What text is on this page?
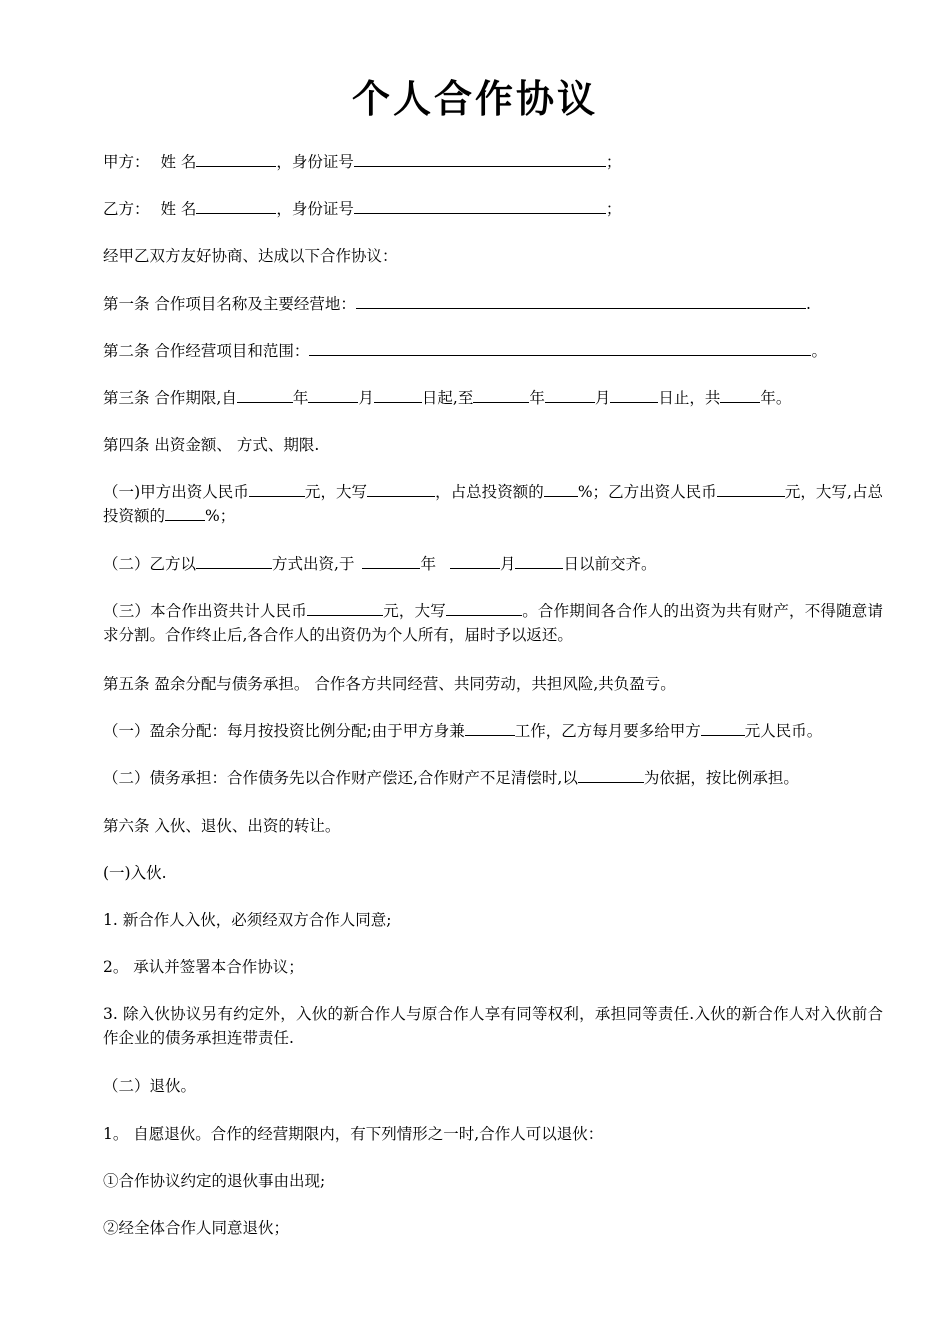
个人合作协议
甲方： 姓 名	，身份证号	；
乙方： 姓 名	，身份证号	；
经甲乙双方友好协商、达成以下合作协议：
第一条 合作项目名称及主要经营地：	.
第二条 合作经营项目和范围：	。
第三条 合作期限,自	年	月	日起,至	年	月	日止，共	年。
第四条 出资金额、 方式、期限.
（一)甲方出资人民币	元，大写	，占总投资额的 %；乙方出资人民币	元，大写,占总投资额的	%；
（二）乙方以	方式出资,于	年	月	日以前交齐。
（三）本合作出资共计人民币	元，大写	。合作期间各合作人的出资为共有财产，不得随意请求分割。合作终止后,各合作人的出资仍为个人所有，届时予以返还。
第五条 盈余分配与债务承担。 合作各方共同经营、共同劳动，共担风险,共负盈亏。
（一）盈余分配：每月按投资比例分配;由于甲方身兼	工作，乙方每月要多给甲方	元人民币。
（二）债务承担：合作债务先以合作财产偿还,合作财产不足清偿时,以	为依据，按比例承担。
第六条 入伙、退伙、出资的转让。
(一)入伙.
1. 新合作人入伙，必须经双方合作人同意;
2。 承认并签署本合作协议；
3. 除入伙协议另有约定外，入伙的新合作人与原合作人享有同等权利，承担同等责任.入伙的新合作人对入伙前合作企业的债务承担连带责任.
（二）退伙。
1。 自愿退伙。合作的经营期限内，有下列情形之一时,合作人可以退伙：
①合作协议约定的退伙事由出现;
②经全体合作人同意退伙；
